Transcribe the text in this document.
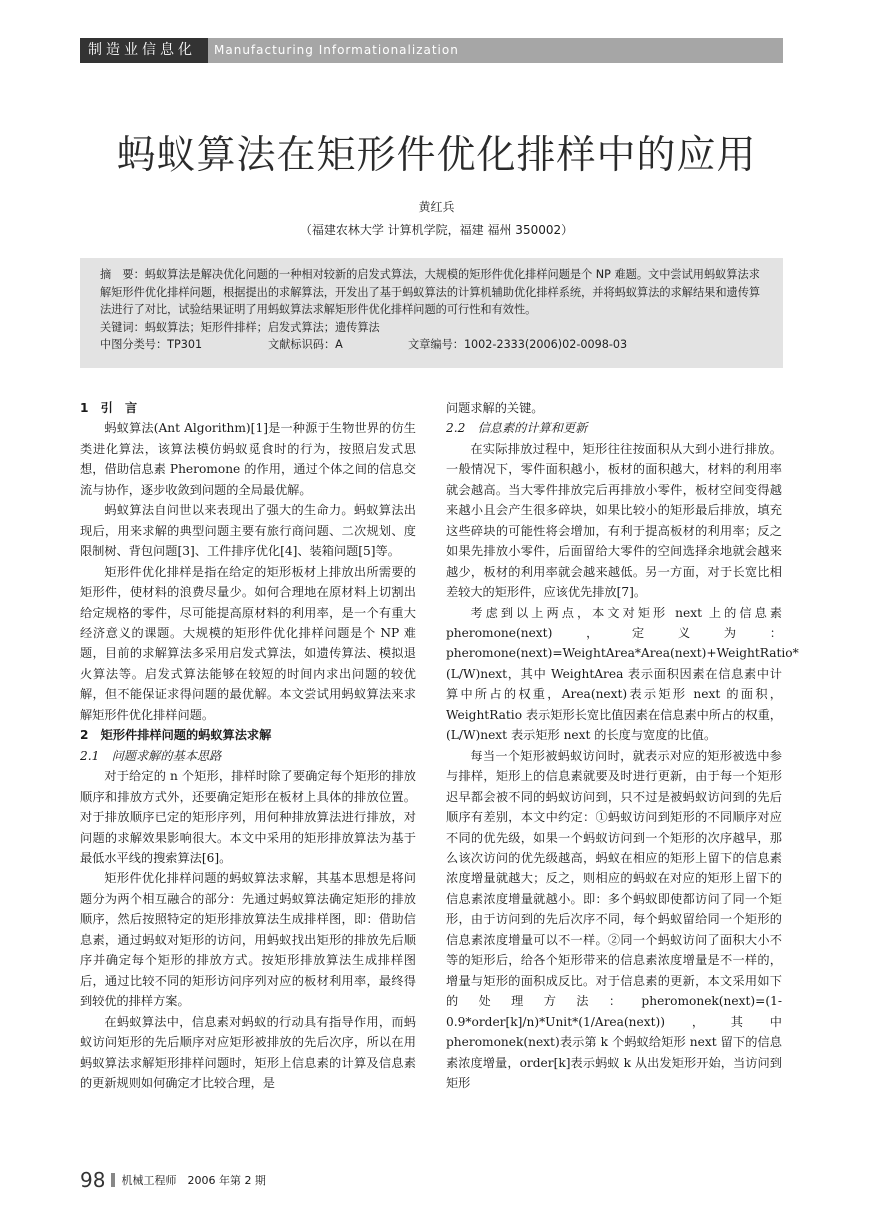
制造业信息化	Manufacturing Informationalization
蚂蚁算法在矩形件优化排样中的应用
黄红兵
（福建农林大学 计算机学院，福建 福州 350002）

摘　要：蚂蚁算法是解决优化问题的一种相对较新的启发式算法，大规模的矩形件优化排样问题是个 NP 难题。文中尝试用蚂蚁算法求解矩形件优化排样问题，根据提出的求解算法，开发出了基于蚂蚁算法的计算机辅助优化排样系统，并将蚂蚁算法的求解结果和遗传算法进行了对比，试验结果证明了用蚂蚁算法求解矩形件优化排样问题的可行性和有效性。

关键词：蚂蚁算法；矩形件排样；启发式算法；遗传算法

中图分类号：TP301	文献标识码：A	文章编号：1002-2333(2006)02-0098-03
1　引　言

蚂蚁算法(Ant Algorithm)[1]是一种源于生物世界的仿生类进化算法，该算法模仿蚂蚁觅食时的行为，按照启发式思想，借助信息素 Pheromone 的作用，通过个体之间的信息交流与协作，逐步收敛到问题的全局最优解。

蚂蚁算法自问世以来表现出了强大的生命力。蚂蚁算法出现后，用来求解的典型问题主要有旅行商问题、二次规划、度限制树、背包问题[3]、工件排序优化[4]、装箱问题[5]等。

矩形件优化排样是指在给定的矩形板材上排放出所需要的矩形件，使材料的浪费尽量少。如何合理地在原材料上切割出给定规格的零件，尽可能提高原材料的利用率，是一个有重大经济意义的课题。大规模的矩形件优化排样问题是个 NP 难题，目前的求解算法多采用启发式算法，如遗传算法、模拟退火算法等。启发式算法能够在较短的时间内求出问题的较优解，但不能保证求得问题的最优解。本文尝试用蚂蚁算法来求解矩形件优化排样问题。

2　矩形件排样问题的蚂蚁算法求解
2.1　问题求解的基本思路

对于给定的 n 个矩形，排样时除了要确定每个矩形的排放顺序和排放方式外，还要确定矩形在板材上具体的排放位置。对于排放顺序已定的矩形序列，用何种排放算法进行排放，对问题的求解效果影响很大。本文中采用的矩形排放算法为基于最低水平线的搜索算法[6]。

矩形件优化排样问题的蚂蚁算法求解，其基本思想是将问题分为两个相互融合的部分：先通过蚂蚁算法确定矩形的排放顺序，然后按照特定的矩形排放算法生成排样图，即：借助信息素，通过蚂蚁对矩形的访问，用蚂蚁找出矩形的排放先后顺序并确定每个矩形的排放方式。按矩形排放算法生成排样图后，通过比较不同的矩形访问序列对应的板材利用率，最终得到较优的排样方案。

在蚂蚁算法中，信息素对蚂蚁的行动具有指导作用，而蚂蚁访问矩形的先后顺序对应矩形被排放的先后次序，所以在用蚂蚁算法求解矩形排样问题时，矩形上信息素的计算及信息素的更新规则如何确定才比较合理，是

问题求解的关键。

2.2　信息素的计算和更新

在实际排放过程中，矩形往往按面积从大到小进行排放。一般情况下，零件面积越小，板材的面积越大，材料的利用率就会越高。当大零件排放完后再排放小零件，板材空间变得越来越小且会产生很多碎块，如果比较小的矩形最后排放，填充这些碎块的可能性将会增加，有利于提高板材的利用率；反之如果先排放小零件，后面留给大零件的空间选择余地就会越来越少，板材的利用率就会越来越低。另一方面，对于长宽比相差较大的矩形件，应该优先排放[7]。

考虑到以上两点，本文对矩形 next 上的信息素pheromone(next)，定义为：pheromone(next)=WeightArea*Area(next)+WeightRatio*(L/W)next，其中 WeightArea 表示面积因素在信息素中计算中所占的权重，Area(next)表示矩形 next 的面积，WeightRatio 表示矩形长宽比值因素在信息素中所占的权重，(L/W)next 表示矩形 next 的长度与宽度的比值。

每当一个矩形被蚂蚁访问时，就表示对应的矩形被选中参与排样，矩形上的信息素就要及时进行更新，由于每一个矩形迟早都会被不同的蚂蚁访问到，只不过是被蚂蚁访问到的先后顺序有差别，本文中约定：①蚂蚁访问到矩形的不同顺序对应不同的优先级，如果一个蚂蚁访问到一个矩形的次序越早，那么该次访问的优先级越高，蚂蚁在相应的矩形上留下的信息素浓度增量就越大；反之，则相应的蚂蚁在对应的矩形上留下的信息素浓度增量就越小。即：多个蚂蚁即使都访问了同一个矩形，由于访问到的先后次序不同，每个蚂蚁留给同一个矩形的信息素浓度增量可以不一样。②同一个蚂蚁访问了面积大小不等的矩形后，给各个矩形带来的信息素浓度增量是不一样的，增量与矩形的面积成反比。对于信息素的更新，本文采用如下的处理方法：pheromonek(next)=(1-0.9*order[k]/n)*Unit*(1/Area(next))，其中 pheromonek(next)表示第 k 个蚂蚁给矩形 next 留下的信息素浓度增量，order[k]表示蚂蚁 k 从出发矩形开始，当访问到矩形

98 机械工程师　2006 年第 2 期
